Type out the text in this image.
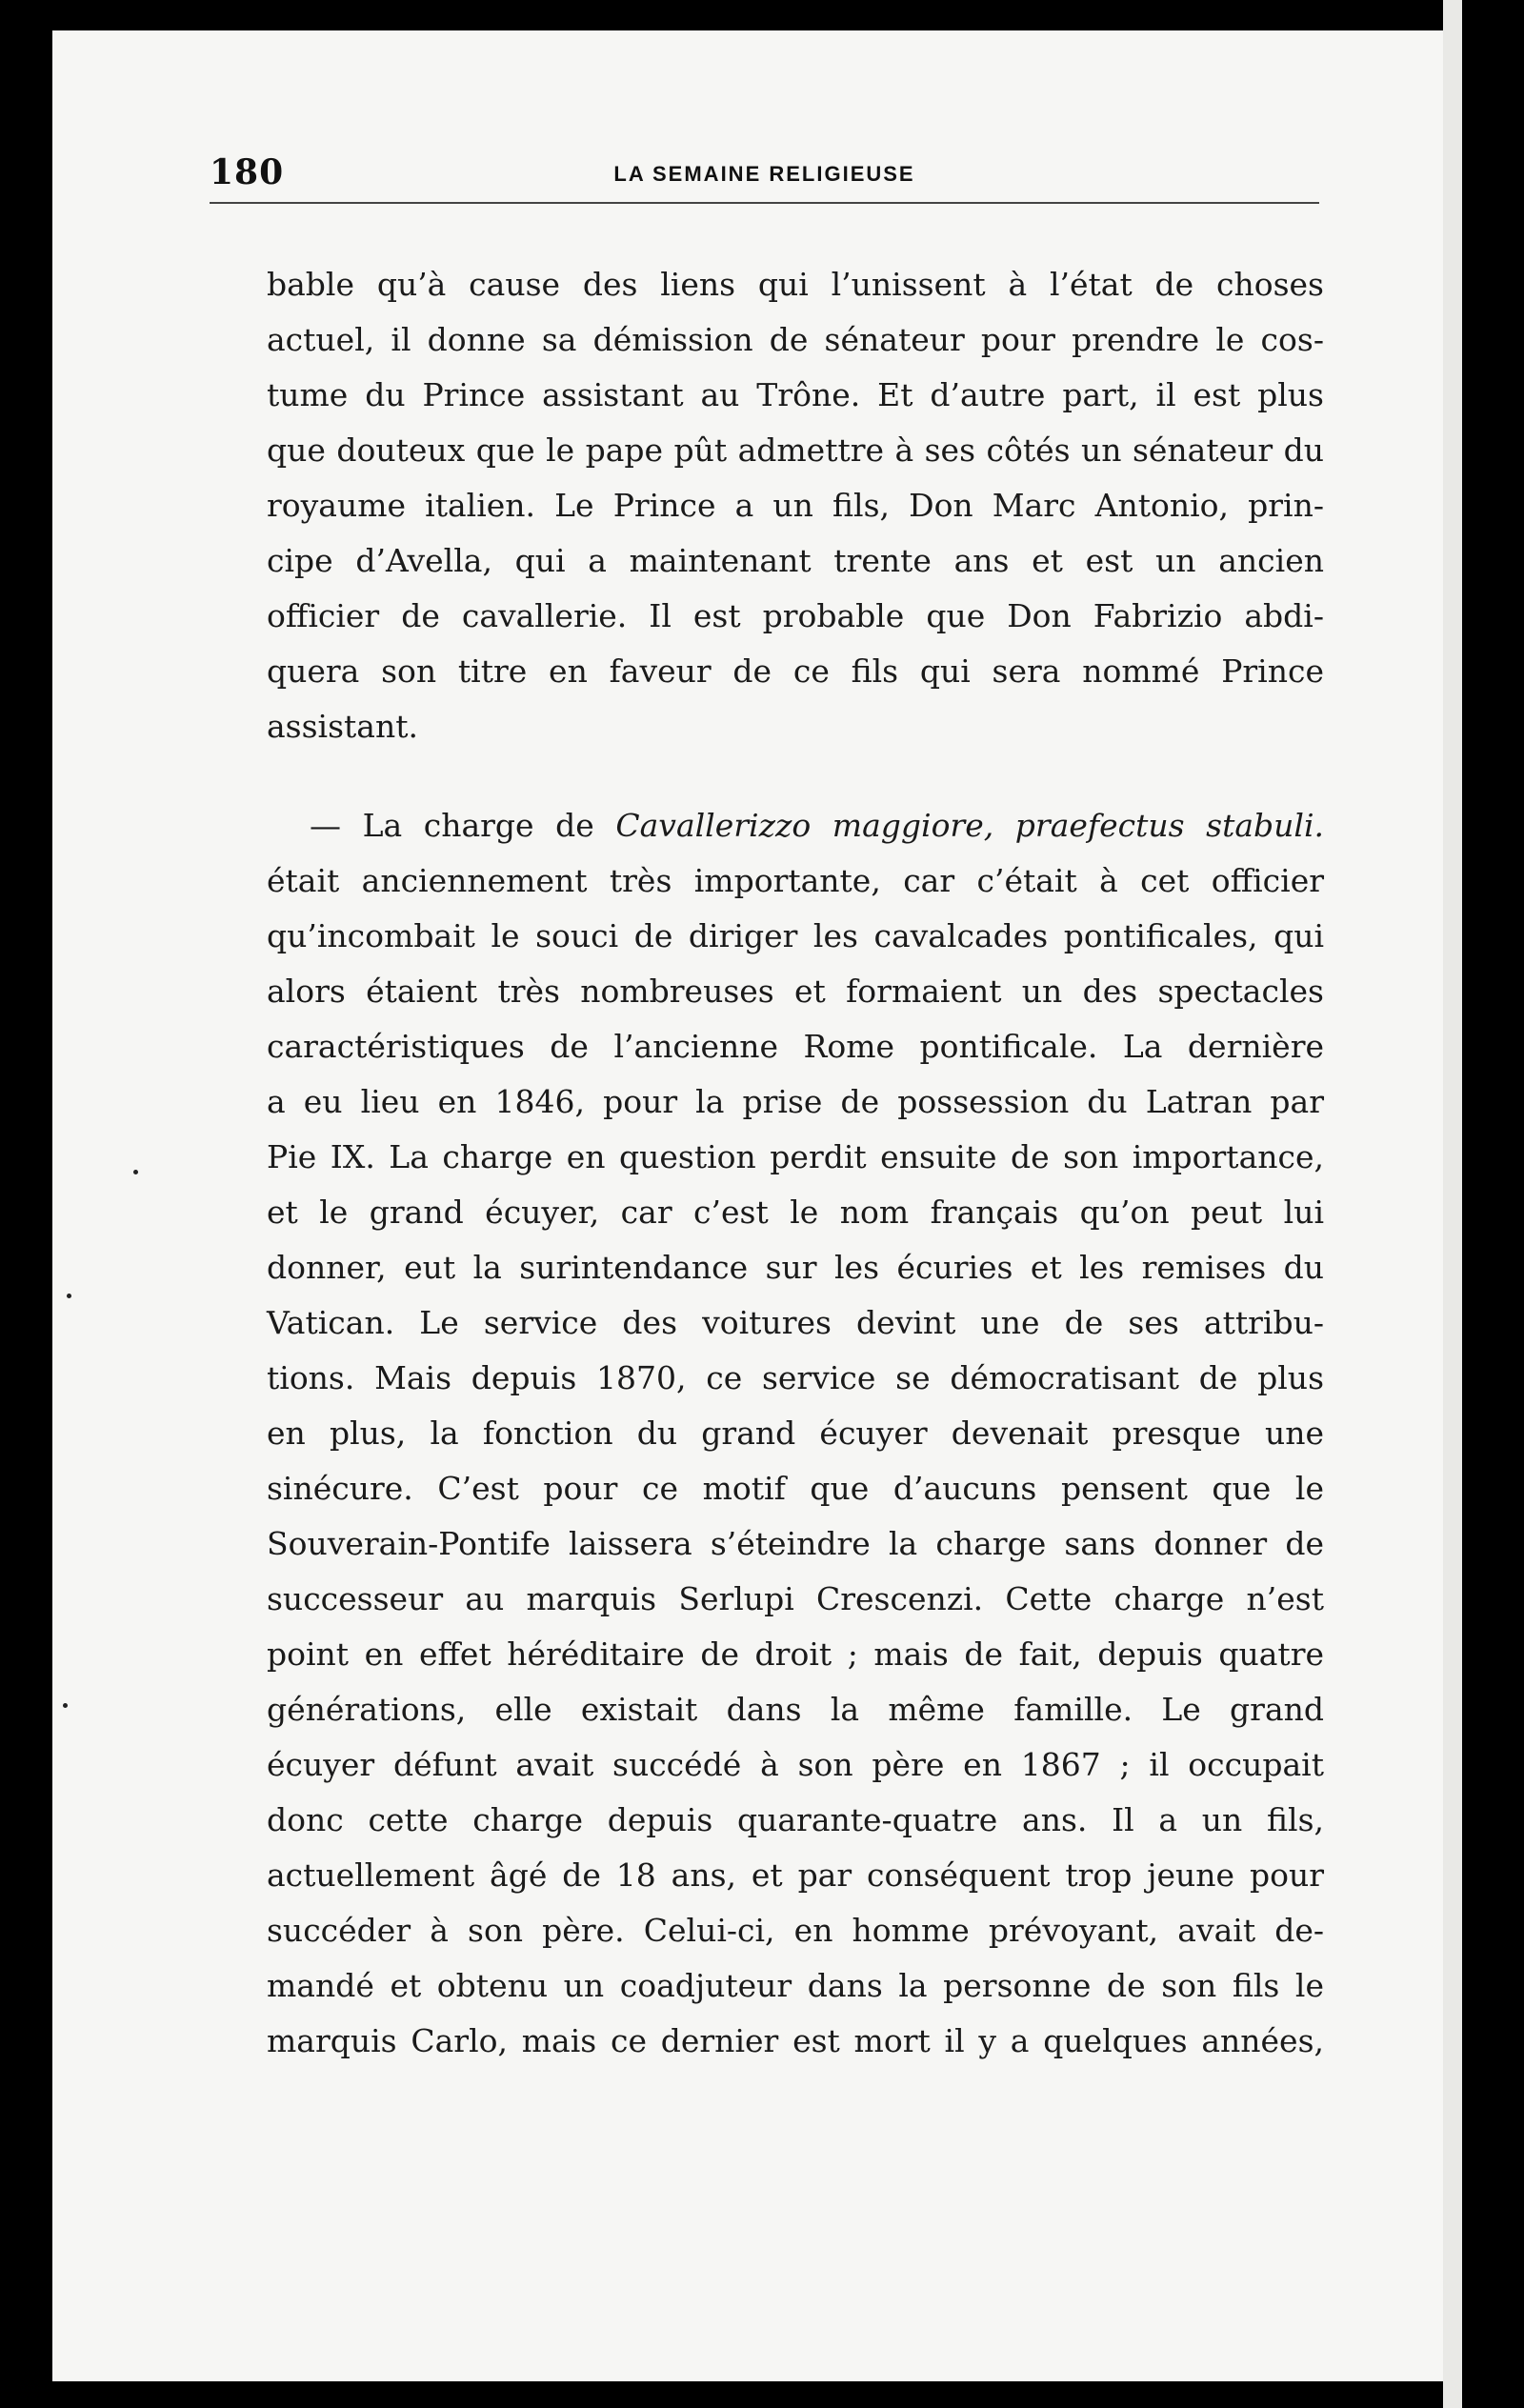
180	LA SEMAINE RELIGIEUSE

bable qu’à cause des liens qui l’unissent à l’état de choses
actuel, il donne sa démission de sénateur pour prendre le cos-
tume du Prince assistant au Trône. Et d’autre part, il est plus
que douteux que le pape pût admettre à ses côtés un sénateur du
royaume italien. Le Prince a un fils, Don Marc Antonio, prin-
cipe d’Avella, qui a maintenant trente ans et est un ancien
officier de cavallerie. Il est probable que Don Fabrizio abdi-
quera son titre en faveur de ce fils qui sera nommé Prince
assistant.

— La charge de Cavallerizzo maggiore, praefectus stabuli.
était anciennement très importante, car c’était à cet officier
qu’incombait le souci de diriger les cavalcades pontificales, qui
alors étaient très nombreuses et formaient un des spectacles
caractéristiques de l’ancienne Rome pontificale. La dernière
a eu lieu en 1846, pour la prise de possession du Latran par
Pie IX. La charge en question perdit ensuite de son importance,
et le grand écuyer, car c’est le nom français qu’on peut lui
donner, eut la surintendance sur les écuries et les remises du
Vatican. Le service des voitures devint une de ses attribu-
tions. Mais depuis 1870, ce service se démocratisant de plus
en plus, la fonction du grand écuyer devenait presque une
sinécure. C’est pour ce motif que d’aucuns pensent que le
Souverain-Pontife laissera s’éteindre la charge sans donner de
successeur au marquis Serlupi Crescenzi. Cette charge n’est
point en effet héréditaire de droit ; mais de fait, depuis quatre
générations, elle existait dans la même famille. Le grand
écuyer défunt avait succédé à son père en 1867 ; il occupait
donc cette charge depuis quarante-quatre ans. Il a un fils,
actuellement âgé de 18 ans, et par conséquent trop jeune pour
succéder à son père. Celui-ci, en homme prévoyant, avait de-
mandé et obtenu un coadjuteur dans la personne de son fils le
marquis Carlo, mais ce dernier est mort il y a quelques années,
